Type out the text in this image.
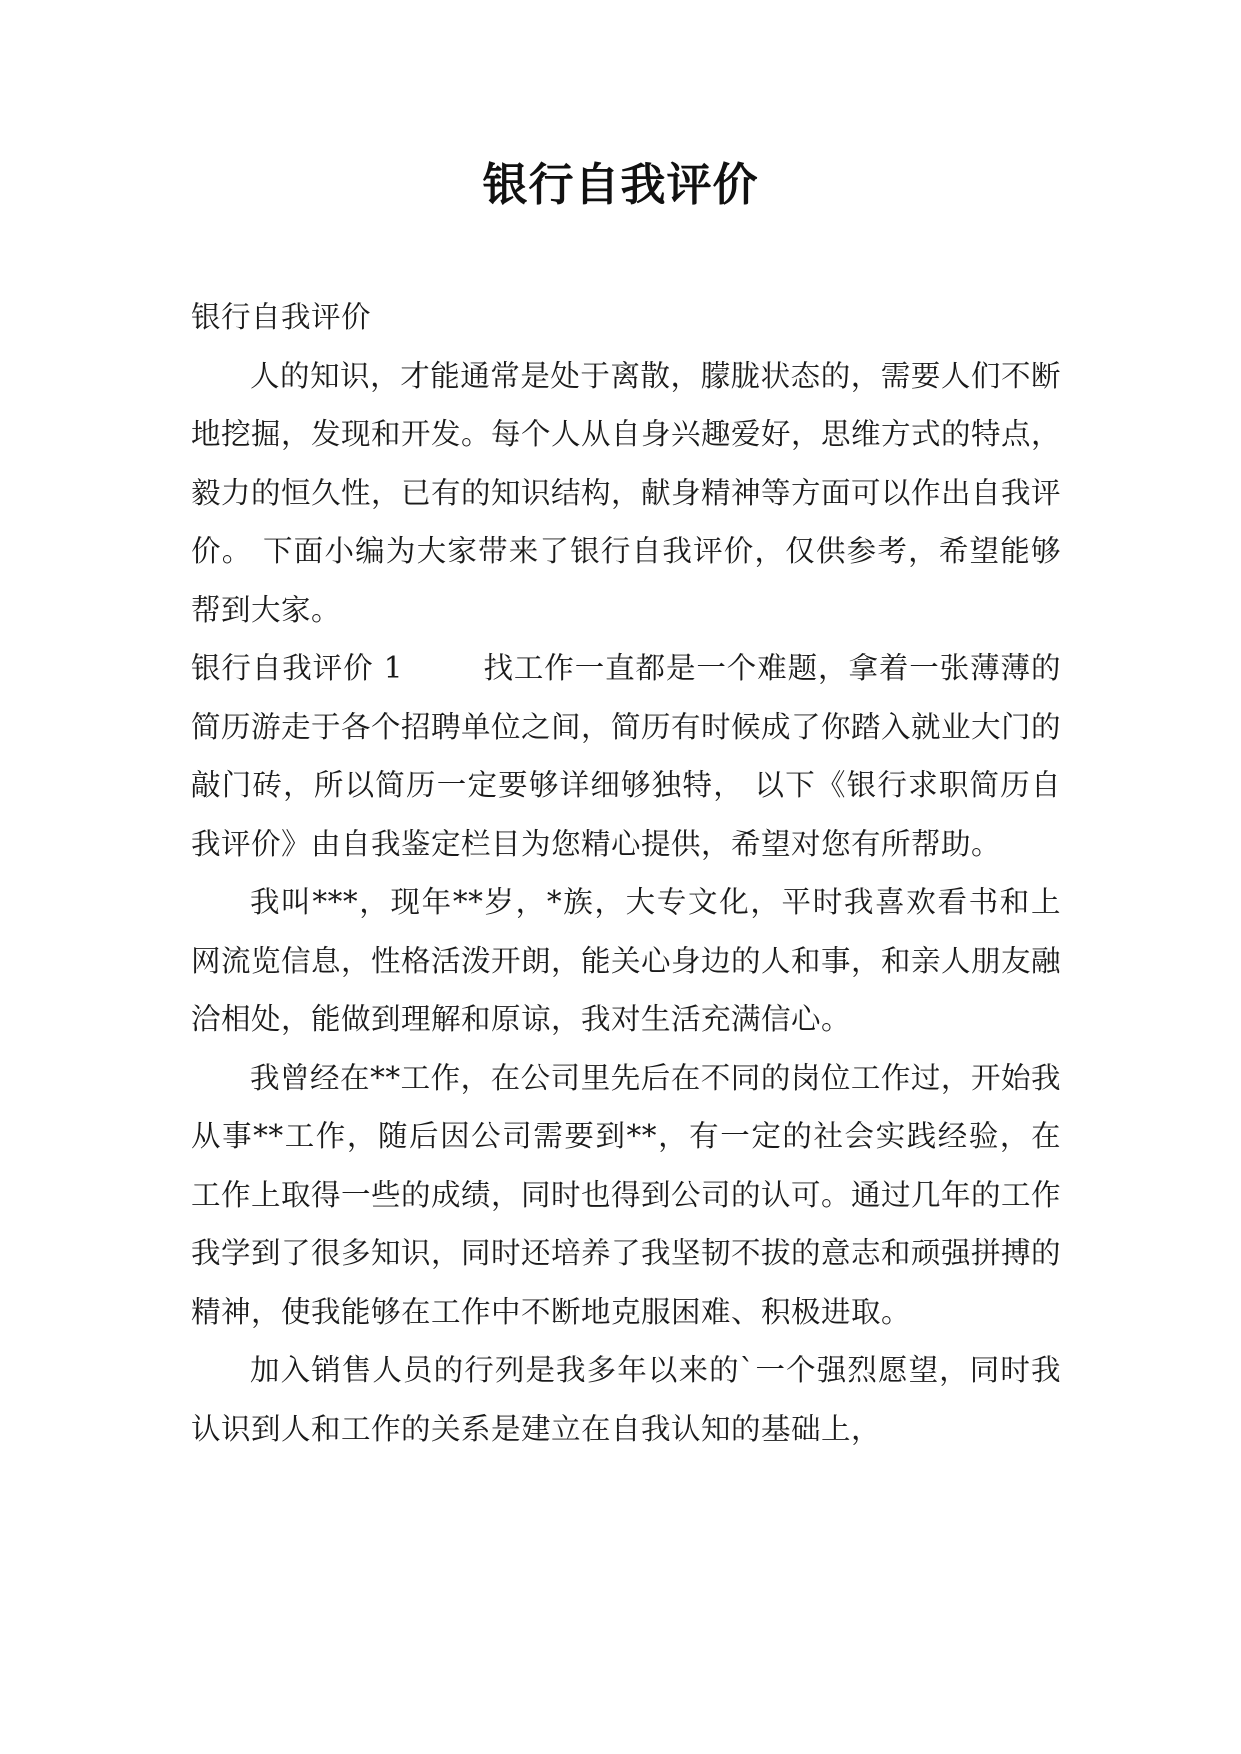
银行自我评价

银行自我评价

人的知识，才能通常是处于离散，朦胧状态的，需要人们不断地挖掘，发现和开发。每个人从自身兴趣爱好，思维方式的特点，毅力的恒久性，已有的知识结构，献身精神等方面可以作出自我评价。 下面小编为大家带来了银行自我评价，仅供参考，希望能够帮到大家。

银行自我评价 1	找工作一直都是一个难题，拿着一张薄薄的简历游走于各个招聘单位之间，简历有时候成了你踏入就业大门的敲门砖，所以简历一定要够详细够独特， 以下《银行求职简历自我评价》由自我鉴定栏目为您精心提供，希望对您有所帮助。

我叫***，现年**岁，*族，大专文化，平时我喜欢看书和上网流览信息，性格活泼开朗，能关心身边的人和事，和亲人朋友融洽相处，能做到理解和原谅，我对生活充满信心。

我曾经在**工作，在公司里先后在不同的岗位工作过，开始我从事**工作，随后因公司需要到**，有一定的社会实践经验，在工作上取得一些的成绩，同时也得到公司的认可。通过几年的工作我学到了很多知识，同时还培养了我坚韧不拔的意志和顽强拼搏的精神，使我能够在工作中不断地克服困难、积极进取。

加入销售人员的行列是我多年以来的`一个强烈愿望，同时我认识到人和工作的关系是建立在自我认知的基础上，
